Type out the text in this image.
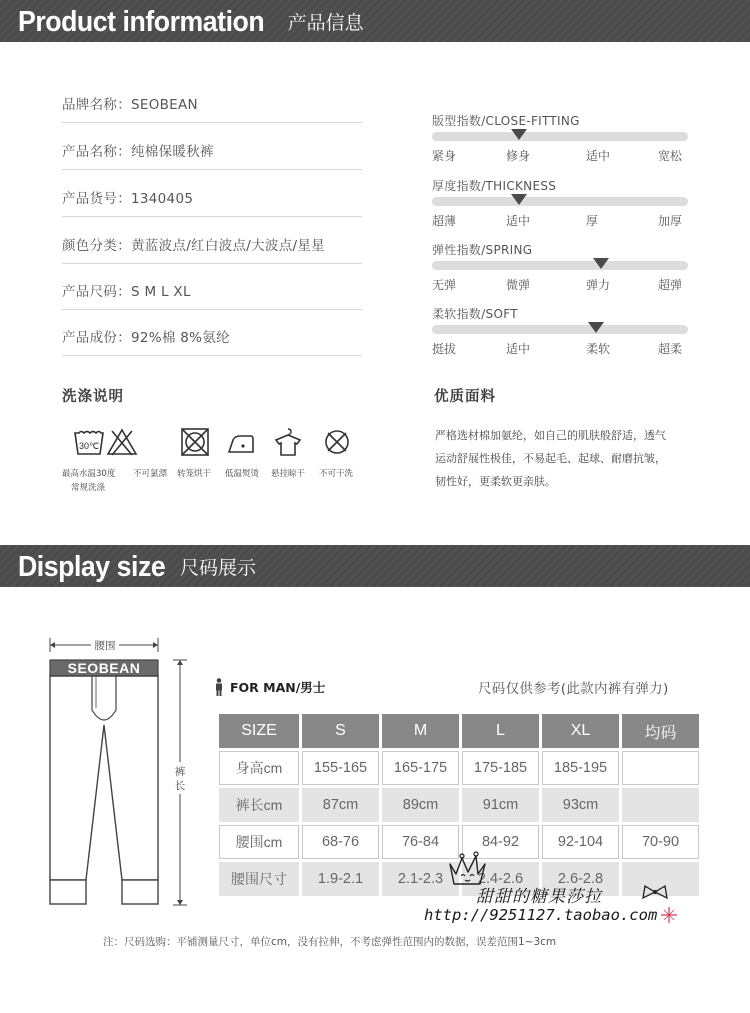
Product information 产品信息
品牌名称：SEOBEAN
产品名称：纯棉保暖秋裤
产品货号：1340405
颜色分类：黄蓝波点/红白波点/大波点/星星
产品尺码：S M L XL
产品成份：92%棉 8%氨纶
版型指数/CLOSE-FITTING
紧身	修身	适中	宽松
厚度指数/THICKNESS
超薄	适中	厚	加厚
弹性指数/SPRING
无弹	微弹	弹力	超弹
柔软指数/SOFT
挺拔	适中	柔软	超柔
洗涤说明
30℃
最高水温30度
常规洗涤
不可氯漂 转笼烘干 低温熨烫 悬挂晾干 不可干洗
优质面料
严格选材棉加氨纶，如自己的肌肤般舒适，透气
运动舒展性极佳，不易起毛、起球、耐磨抗皱，
韧性好，更柔软更亲肤。
Display size 尺码展示
腰围
裤
长
SEOBEAN
FOR MAN/男士	尺码仅供参考(此款内裤有弹力)
SIZE	S	M	L	XL	均码
身高cm	155-165	165-175	175-185	185-195	
裤长cm	87cm	89cm	91cm	93cm	
腰围cm	68-76	76-84	84-92	92-104	70-90
腰围尺寸	1.9-2.1	2.1-2.3	2.4-2.6	2.6-2.8	
甜甜的糖果莎拉
http://9251127.taobao.com
注：尺码选购：平铺测量尺寸，单位cm，没有拉伸，不考虑弹性范围内的数据，误差范围1~3cm
